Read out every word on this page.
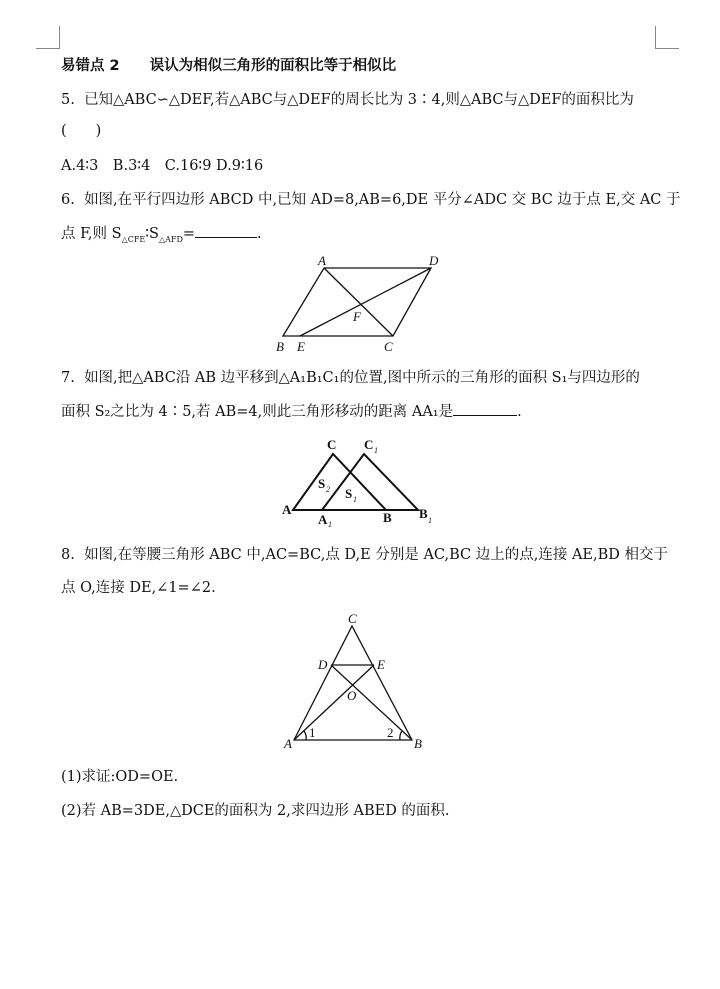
易错点 2 误认为相似三角形的面积比等于相似比
5. 已知△ABC∽△DEF,若△ABC与△DEF的周长比为 3∶4,则△ABC与△DEF的面积比为
(　　)
A.4∶3　B.3∶4　C.16∶9 D.9∶16
6. 如图,在平行四边形 ABCD 中,已知 AD=8,AB=6,DE 平分∠ADC 交 BC 边于点 E,交 AC 于
点 F,则 $S_{\triangle CFE}∶S_{\triangle AFD}=$	.
A	D
F
B E	C
7. 如图,把△ABC沿 AB 边平移到△A₁B₁C₁的位置,图中所示的三角形的面积 S₁与四边形的
面积 S₂之比为 4∶5,若 AB=4,则此三角形移动的距离 AA₁是	.
C C 1
S 2 S 1
A
A 1	B B 1
8. 如图,在等腰三角形 ABC 中,AC=BC,点 D,E 分别是 AC,BC 边上的点,连接 AE,BD 相交于
点 O,连接 DE,∠1=∠2.
C
D	E
O
A	B
1	2
(1)求证:OD=OE.
(2)若 AB=3DE,△DCE的面积为 2,求四边形 ABED 的面积.
